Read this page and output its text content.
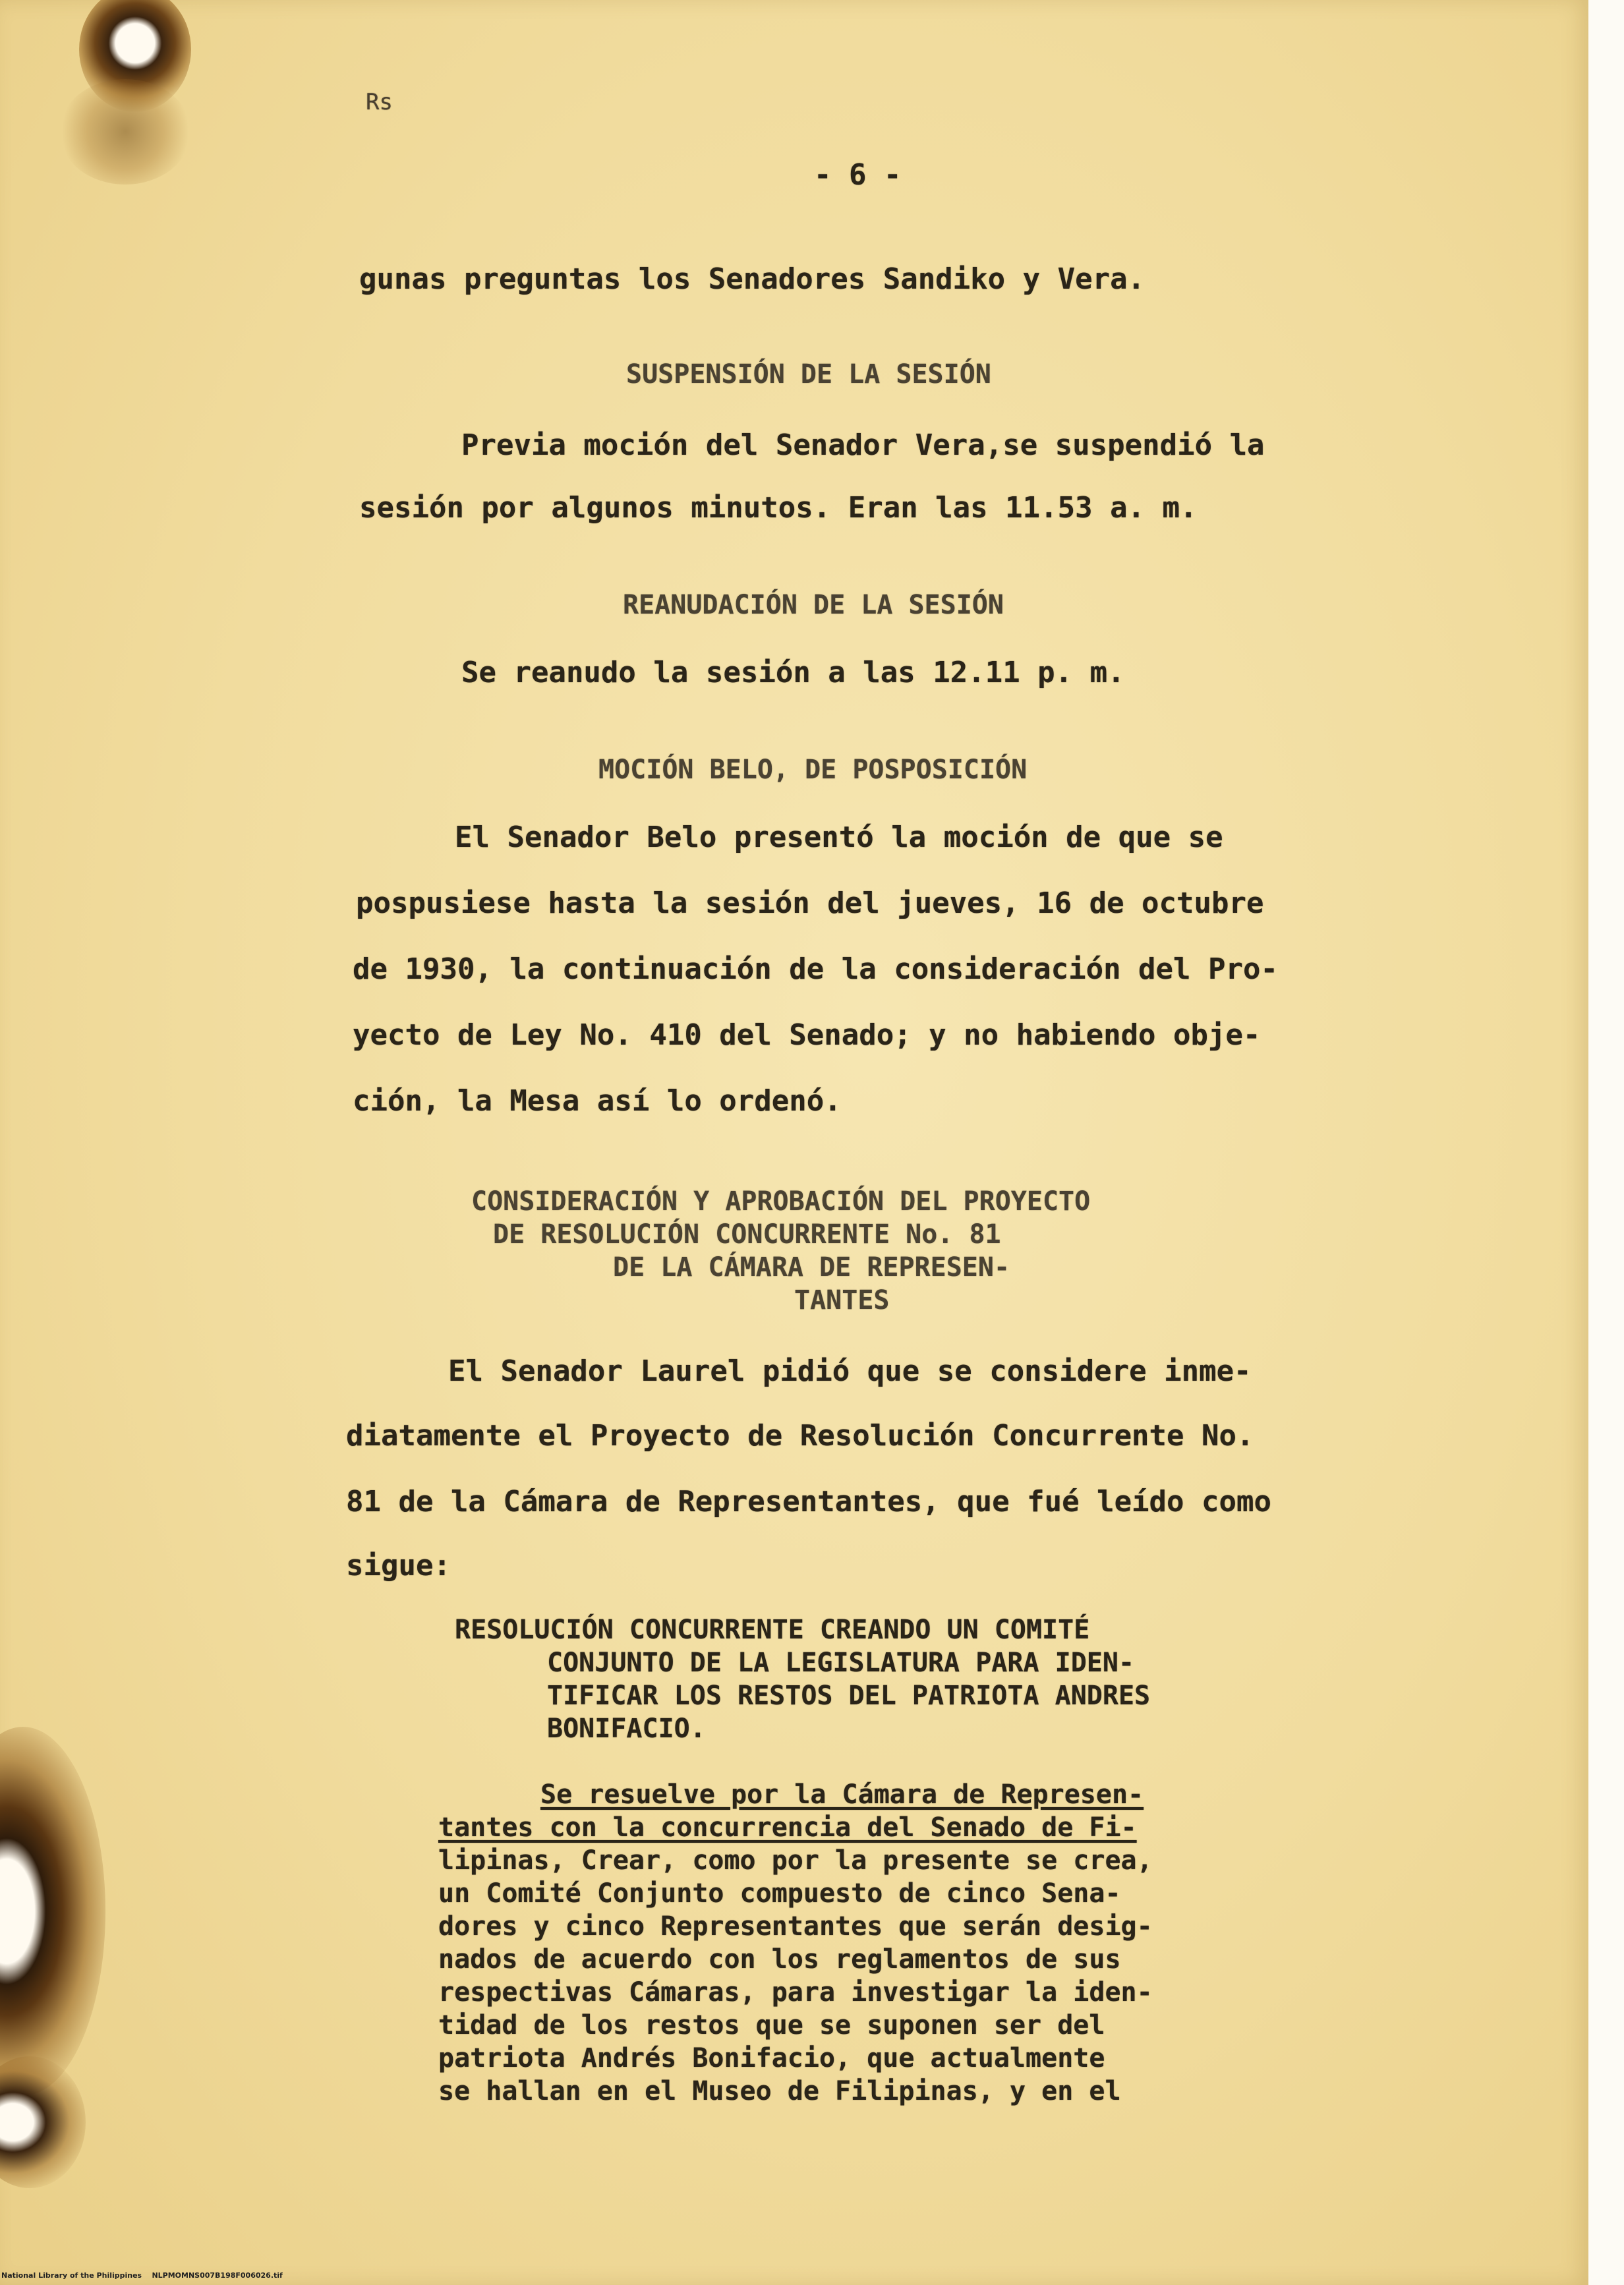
Rs
- 6 -
gunas preguntas los Senadores Sandiko y Vera.
SUSPENSIÓN DE LA SESIÓN
Previa moción del Senador Vera,se suspendió la
sesión por algunos minutos. Eran las 11.53 a. m.
REANUDACIÓN DE LA SESIÓN
Se reanudo la sesión a las 12.11 p. m.
MOCIÓN BELO, DE POSPOSICIÓN
El Senador Belo presentó la moción de que se
pospusiese hasta la sesión del jueves, 16 de octubre
de 1930, la continuación de la consideración del Pro-
yecto de Ley No. 410 del Senado; y no habiendo obje-
ción, la Mesa así lo ordenó.
CONSIDERACIÓN Y APROBACIÓN DEL PROYECTO
DE RESOLUCIÓN CONCURRENTE No. 81
DE LA CÁMARA DE REPRESEN-
TANTES
El Senador Laurel pidió que se considere inme-
diatamente el Proyecto de Resolución Concurrente No.
81 de la Cámara de Representantes, que fué leído como
sigue:
RESOLUCIÓN CONCURRENTE CREANDO UN COMITÉ
CONJUNTO DE LA LEGISLATURA PARA IDEN-
TIFICAR LOS RESTOS DEL PATRIOTA ANDRES
BONIFACIO.
Se resuelve por la Cámara de Represen-
tantes con la concurrencia del Senado de Fi-
lipinas, Crear, como por la presente se crea,
un Comité Conjunto compuesto de cinco Sena-
dores y cinco Representantes que serán desig-
nados de acuerdo con los reglamentos de sus
respectivas Cámaras, para investigar la iden-
tidad de los restos que se suponen ser del
patriota Andrés Bonifacio, que actualmente
se hallan en el Museo de Filipinas, y en el
National Library of the Philippines NLPMOMNS007B198F006026.tif
